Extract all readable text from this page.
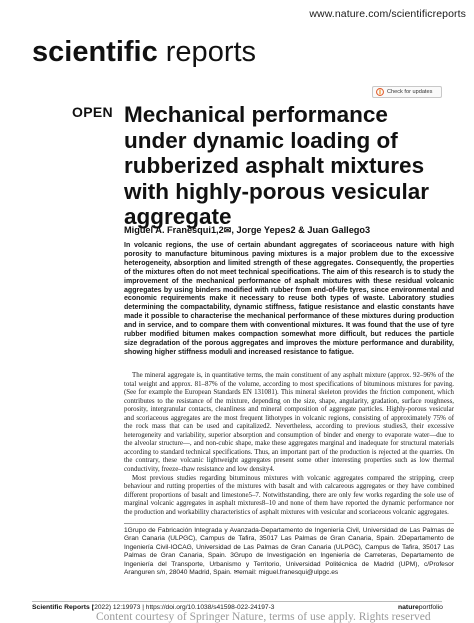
www.nature.com/scientificreports
scientific reports
OPEN
Check for updates
Mechanical performance under dynamic loading of rubberized asphalt mixtures with highly‑porous vesicular aggregate
Miguel A. Franesqui1,2✉, Jorge Yepes2 & Juan Gallego3

In volcanic regions, the use of certain abundant aggregates of scoriaceous nature with high porosity to manufacture bituminous paving mixtures is a major problem due to the excessive heterogeneity, absorption and limited strength of these aggregates. Consequently, the properties of the mixtures often do not meet technical specifications. The aim of this research is to study the improvement of the mechanical performance of asphalt mixtures with these residual volcanic aggregates by using binders modified with rubber from end-of-life tyres, since environmental and economic requirements make it necessary to reuse both types of waste. Laboratory studies determining the compactability, dynamic stiffness, fatigue resistance and elastic constants have made it possible to characterise the mechanical performance of these mixtures during production and in service, and to compare them with conventional mixtures. It was found that the use of tyre rubber modified bitumen makes compaction somewhat more difficult, but reduces the particle size degradation of the porous aggregates and improves the mixture performance and durability, showing higher stiffness moduli and increased resistance to fatigue.

The mineral aggregate is, in quantitative terms, the main constituent of any asphalt mixture (approx. 92–96% of the total weight and approx. 81–87% of the volume, according to most specifications of bituminous mixtures for paving. (See for example the European Standards EN 131081). This mineral skeleton provides the friction component, which contributes to the resistance of the mixture, depending on the size, shape, angularity, gradation, surface roughness, porosity, intergranular contacts, cleanliness and mineral composition of aggregate particles. Highly-porous vesicular and scoriaceous aggregates are the most frequent lithotypes in volcanic regions, consisting of approximately 75% of the rock mass that can be used and capitalized2. Nevertheless, according to previous studies3, their excessive heterogeneity and variability, superior absorption and consumption of binder and energy to evaporate water—due to the alveolar structure—, and non-cubic shape, make these aggregates marginal and inadequate for structural materials according to standard technical specifications. Thus, an important part of the production is rejected at the quarries. On the contrary, these volcanic lightweight aggregates present some other interesting properties such as low thermal conductivity, freeze–thaw resistance and low density4.

Most previous studies regarding bituminous mixtures with volcanic aggregates compared the stripping, creep behaviour and rutting properties of the mixtures with basalt and with calcareous aggregates or they have combined different proportions of basalt and limestone5–7. Notwithstanding, there are only few works regarding the sole use of marginal volcanic aggregates in asphalt mixtures8–10 and none of them have reported the dynamic performance nor the production and workability characteristics of asphalt mixtures with vesicular and scoriaceous volcanic aggregates.

1Grupo de Fabricación Integrada y Avanzada-Departamento de Ingeniería Civil, Universidad de Las Palmas de Gran Canaria (ULPGC), Campus de Tafira, 35017 Las Palmas de Gran Canaria, Spain. 2Departamento de Ingeniería Civil-IOCAG, Universidad de Las Palmas de Gran Canaria (ULPGC), Campus de Tafira, 35017 Las Palmas de Gran Canaria, Spain. 3Grupo de Investigación en Ingeniería de Carreteras, Departamento de Ingeniería del Transporte, Urbanismo y Territorio, Universidad Politécnica de Madrid (UPM), c/Profesor Aranguren s/n, 28040 Madrid, Spain. ✉email: miguel.franesqui@ulpgc.es

Scientific Reports |
(2022) 12:19973 | https://doi.org/10.1038/s41598-022-24197-3	natureportfolio
Content courtesy of Springer Nature, terms of use apply. Rights reserved
